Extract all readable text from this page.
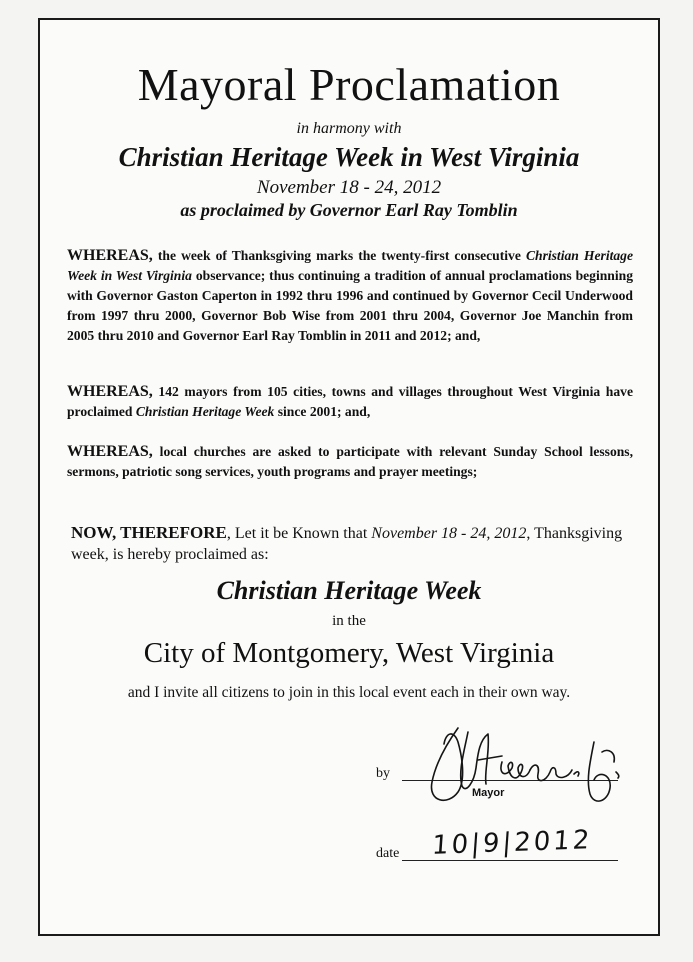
Mayoral Proclamation
in harmony with
Christian Heritage Week in West Virginia
November 18 - 24, 2012
as proclaimed by Governor Earl Ray Tomblin
WHEREAS, the week of Thanksgiving marks the twenty-first consecutive Christian Heritage Week in West Virginia observance; thus continuing a tradition of annual proclamations beginning with Governor Gaston Caperton in 1992 thru 1996 and continued by Governor Cecil Underwood from 1997 thru 2000, Governor Bob Wise from 2001 thru 2004, Governor Joe Manchin from 2005 thru 2010 and Governor Earl Ray Tomblin in 2011 and 2012; and,
WHEREAS, 142 mayors from 105 cities, towns and villages throughout West Virginia have proclaimed Christian Heritage Week since 2001; and,
WHEREAS, local churches are asked to participate with relevant Sunday School lessons, sermons, patriotic song services, youth programs and prayer meetings;
NOW, THEREFORE, Let it be Known that November 18 - 24, 2012, Thanksgiving week, is hereby proclaimed as:
Christian Heritage Week
in the
City of Montgomery, West Virginia
and I invite all citizens to join in this local event each in their own way.
by
Mayor
date 10|9|2012
